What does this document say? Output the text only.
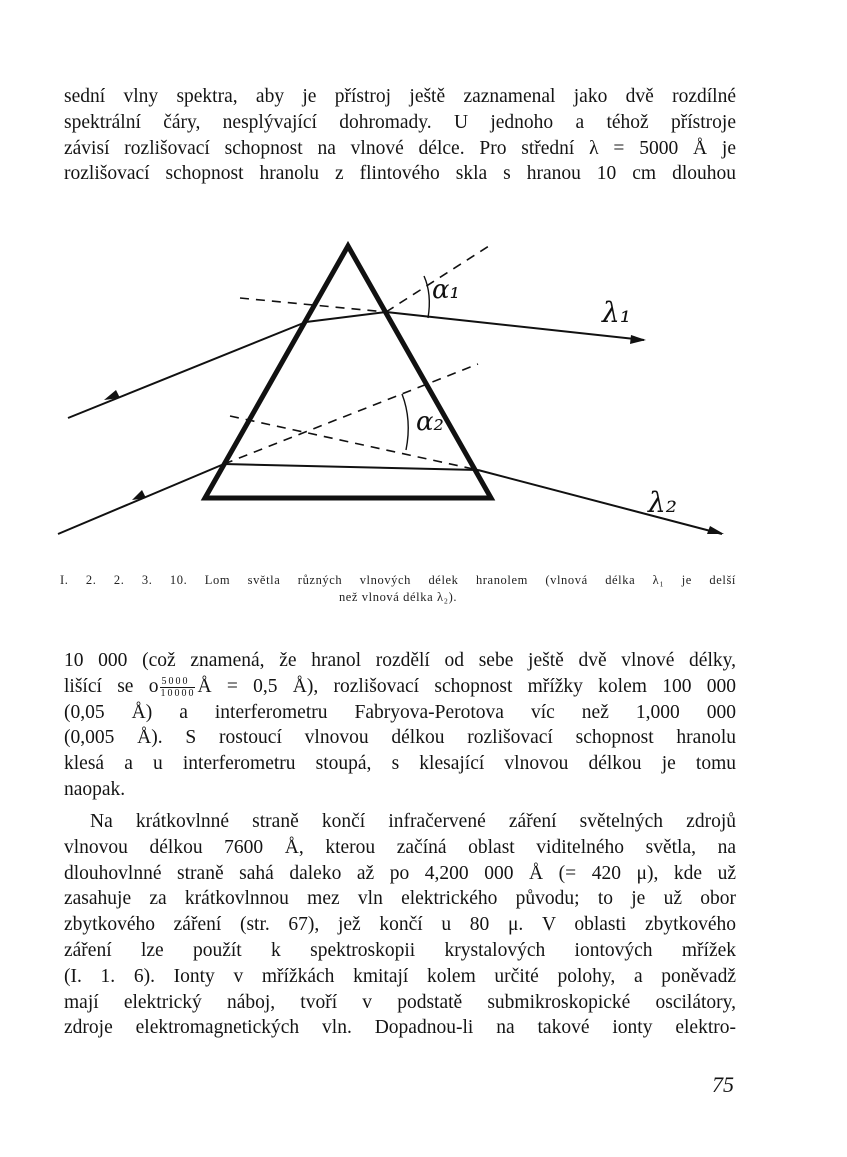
sední vlny spektra, aby je přístroj ještě zaznamenal jako dvě rozdílné
spektrální čáry, nesplývající dohromady. U jednoho a téhož přístroje
závisí rozlišovací schopnost na vlnové délce. Pro střední λ = 5000 Å je
rozlišovací schopnost hranolu z flintového skla s hranou 10 cm dlouhou
α₁
α₂
λ₁
λ₂
I. 2. 2. 3. 10. Lom světla různých vlnových délek hranolem (vlnová délka λ₁ je delší
než vlnová délka λ₂).
10 000 (což znamená, že hranol rozdělí od sebe ještě dvě vlnové délky,
lišící se o $\frac{5000}{10000}$ Å = 0,5 Å), rozlišovací schopnost mřížky kolem 100 000
(0,05 Å) a interferometru Fabryova-Perotova víc než 1,000 000
(0,005 Å). S rostoucí vlnovou délkou rozlišovací schopnost hranolu
klesá a u interferometru stoupá, s klesající vlnovou délkou je tomu
naopak.
Na krátkovlnné straně končí infračervené záření světelných zdrojů
vlnovou délkou 7600 Å, kterou začíná oblast viditelného světla, na
dlouhovlnné straně sahá daleko až po 4,200 000 Å (= 420 μ), kde už
zasahuje za krátkovlnnou mez vln elektrického původu; to je už obor
zbytkového záření (str. 67), jež končí u 80 μ. V oblasti zbytkového
záření lze použít k spektroskopii krystalových iontových mřížek
(I. 1. 6). Ionty v mřížkách kmitají kolem určité polohy, a poněvadž
mají elektrický náboj, tvoří v podstatě submikroskopické oscilátory,
zdroje elektromagnetických vln. Dopadnou-li na takové ionty elektro-

75
